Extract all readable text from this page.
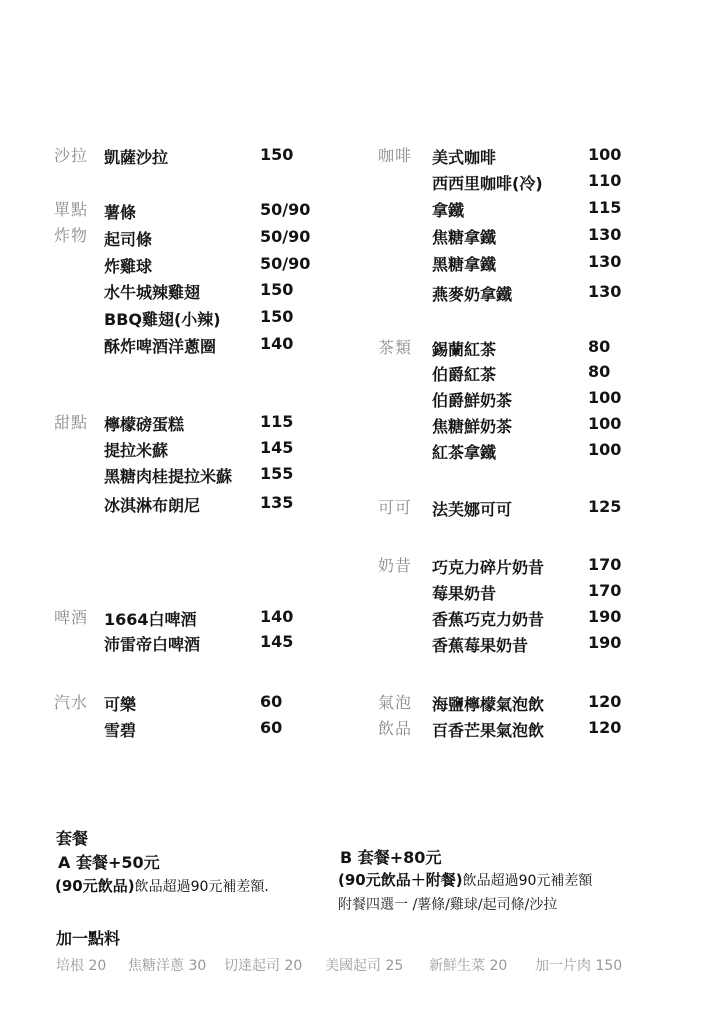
沙拉 凱薩沙拉	150
單點
炸物
薯條	50/90
起司條	50/90
炸雞球	50/90
水牛城辣雞翅	150
BBQ雞翅(小辣) 150
酥炸啤酒洋蔥圈	140
甜點 檸檬磅蛋糕	115
提拉米蘇	145
黑糖肉桂提拉米蘇 155
冰淇淋布朗尼	135
啤酒 1664白啤酒	140
沛雷帝白啤酒	145
汽水 可樂	60
雪碧	60
咖啡 美式咖啡	100
西西里咖啡(冷)	110
拿鐵	115
焦糖拿鐵	130
黑糖拿鐵	130
燕麥奶拿鐵	130
茶類 錫蘭紅茶	80
伯爵紅茶	80
伯爵鮮奶茶	100
焦糖鮮奶茶	100
紅茶拿鐵	100
可可 法芙娜可可	125
奶昔 巧克力碎片奶昔	170
莓果奶昔	170
香蕉巧克力奶昔	190
香蕉莓果奶昔	190
氣泡
飲品
海鹽檸檬氣泡飲	120
百香芒果氣泡飲	120
套餐
A 套餐+50元
(90元飲品)飲品超過90元補差額.
B 套餐+80元
(90元飲品＋附餐)飲品超過90元補差額
附餐四選一 /薯條/雞球/起司條/沙拉
加一點料
培根 20 焦糖洋蔥 30 切達起司 20 美國起司 25 新鮮生菜 20 加一片肉 150
